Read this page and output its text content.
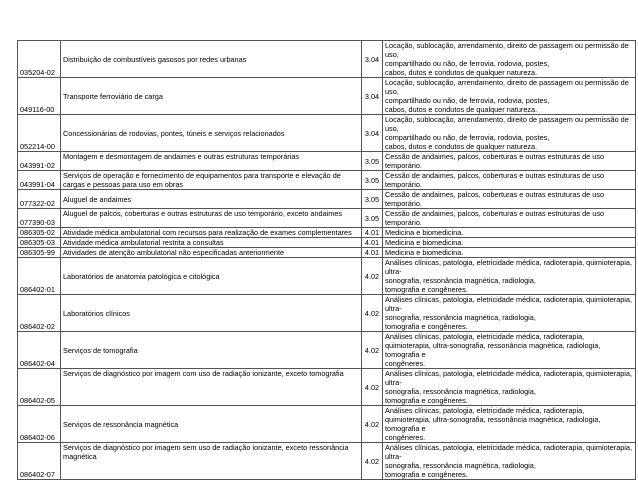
035204-02	Distribuição de combustíveis gasosos por redes urbanas	3.04	Locação, sublocação, arrendamento, direito de passagem ou permissão de uso,
compartilhado ou não, de ferrovia, rodovia, postes,
cabos, dutos e condutos de qualquer natureza.

049116-00	Transporte ferroviário de carga	3.04	Locação, sublocação, arrendamento, direito de passagem ou permissão de uso,
compartilhado ou não, de ferrovia, rodovia, postes,
cabos, dutos e condutos de qualquer natureza.

052214-00	Concessionárias de rodovias, pontes, túneis e serviços relacionados	3.04	Locação, sublocação, arrendamento, direito de passagem ou permissão de uso,
compartilhado ou não, de ferrovia, rodovia, postes,
cabos, dutos e condutos de qualquer natureza.

043991-02	Montagem e desmontagem de andaimes e outras estruturas temporárias	3.05	Cessão de andaimes, palcos, coberturas e outras estruturas de uso
temporário.

043991-04	Serviços de operação e fornecimento de equipamentos para transporte e elevação de cargas e pessoas para uso em obras	3.05	Cessão de andaimes, palcos, coberturas e outras estruturas de uso
temporário.

077322-02	Aluguel de andaimes	3.05	Cessão de andaimes, palcos, coberturas e outras estruturas de uso
temporário.

077390-03	Aluguel de palcos, coberturas e outras estruturas de uso temporário, exceto andaimes	3.05	Cessão de andaimes, palcos, coberturas e outras estruturas de uso
temporário.

086305-02	Atividade médica ambulatorial com recursos para realização de exames complementares	4.01	Medicina e biomedicina.

086305-03	Atividade médica ambulatorial restrita a consultas	4.01	Medicina e biomedicina.

086305-99	Atividades de atenção ambulatorial não especificadas anteriormente	4.01	Medicina e biomedicina.

086402-01	Laboratórios de anatomia patológica e citológica	4.02	Análises clínicas, patologia, eletricidade médica, radioterapia, quimioterapia, ultra-
sonografia, ressonância magnética, radiologia,
tomografia e congêneres.

086402-02	Laboratórios clínicos	4.02	Análises clínicas, patologia, eletricidade médica, radioterapia, quimioterapia, ultra-
sonografia, ressonância magnética, radiologia,
tomografia e congêneres.

086402-04	Serviços de tomografia	4.02	Análises clínicas, patologia, eletricidade médica, radioterapia,
quimioterapia, ultra-sonografia, ressonância magnética, radiologia, tomografia e
congêneres.

086402-05	Serviços de diagnóstico por imagem com uso de radiação ionizante, exceto tomografia	4.02	Análises clínicas, patologia, eletricidade médica, radioterapia, quimioterapia, ultra-
sonografia, ressonância magnética, radiologia,
tomografia e congêneres.

086402-06	Serviços de ressonância magnética	4.02	Análises clínicas, patologia, eletricidade médica, radioterapia,
quimioterapia, ultra-sonografia, ressonância magnética, radiologia, tomografia e
congêneres.

086402-07	Serviços de diagnóstico por imagem sem uso de radiação ionizante, exceto ressonância magnética	4.02	Análises clínicas, patologia, eletricidade médica, radioterapia, quimioterapia, ultra-
sonografia, ressonância magnética, radiologia,
tomografia e congêneres.
